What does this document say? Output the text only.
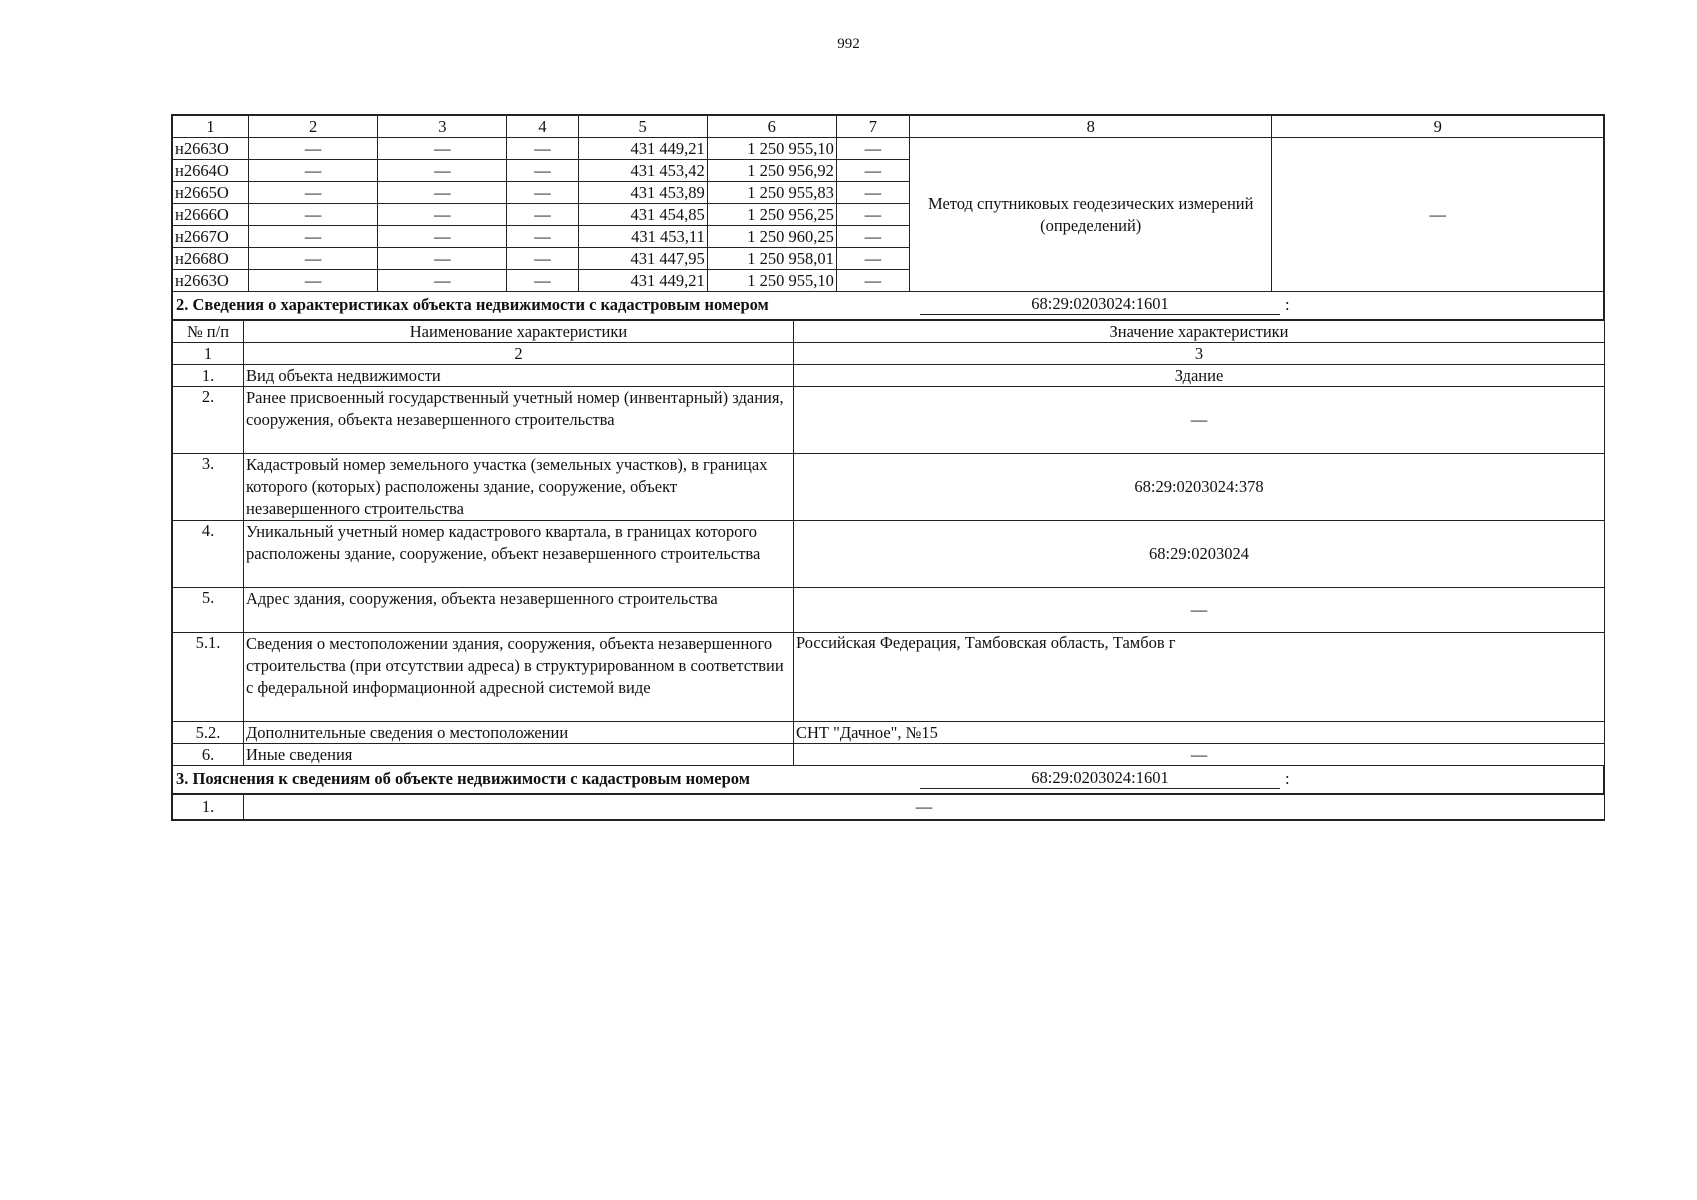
992
1	2	3	4	5	6	7	8	9
н2663О	—	—	—	431 449,21	1 250 955,10	—	Метод спутниковых геодезических измерений (определений)	—
н2664О	—	—	—	431 453,42	1 250 956,92	—		
н2665О	—	—	—	431 453,89	1 250 955,83	—		
н2666О	—	—	—	431 454,85	1 250 956,25	—		
н2667О	—	—	—	431 453,11	1 250 960,25	—		
н2668О	—	—	—	431 447,95	1 250 958,01	—		
н2663О	—	—	—	431 449,21	1 250 955,10	—		
2. Сведения о характеристиках объекта недвижимости с кадастровым номером	68:29:0203024:1601	:
№ п/п	Наименование характеристики	Значение характеристики
1	2	3
1.	Вид объекта недвижимости	Здание
2.	Ранее присвоенный государственный учетный номер (инвентарный) здания, сооружения, объекта незавершенного строительства	—
3.	Кадастровый номер земельного участка (земельных участков), в границах которого (которых) расположены здание, сооружение, объект незавершенного строительства	68:29:0203024:378
4.	Уникальный учетный номер кадастрового квартала, в границах которого расположены здание, сооружение, объект незавершенного строительства	68:29:0203024
5.	Адрес здания, сооружения, объекта незавершенного строительства	—
5.1.	Сведения о местоположении здания, сооружения, объекта незавершенного строительства (при отсутствии адреса) в структурированном в соответствии с федеральной информационной адресной системой виде	Российская Федерация, Тамбовская область, Тамбов г
5.2.	Дополнительные сведения о местоположении	СНТ "Дачное", №15
6.	Иные сведения	—
3. Пояснения к сведениям об объекте недвижимости с кадастровым номером	68:29:0203024:1601	:
1.	—
